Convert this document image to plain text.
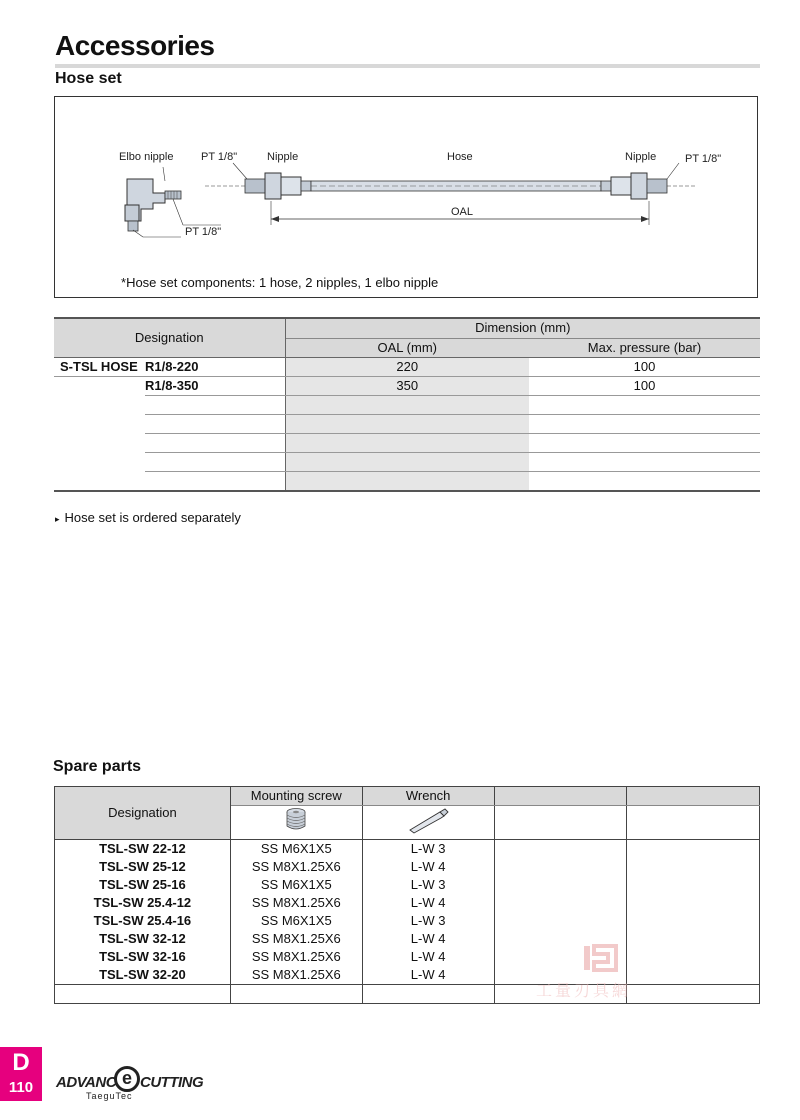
Accessories
Hose set
Elbo nipple	PT 1/8"	Nipple	Hose	Nipple	PT 1/8"
OAL
PT 1/8"
*Hose set components: 1 hose, 2 nipples, 1 elbo nipple
Designation		Dimension (mm)	
		OAL (mm)	Max. pressure (bar)
S-TSL HOSE	R1/8-220	220	100
	R1/8-350	350	100

▸ Hose set is ordered separately
Spare parts
Designation	Mounting screw	Wrench		

TSL-SW 22-12	SS M6X1X5	L-W 3		
TSL-SW 25-12	SS M8X1.25X6	L-W 4		
TSL-SW 25-16	SS M6X1X5	L-W 3		
TSL-SW 25.4-12	SS M8X1.25X6	L-W 4		
TSL-SW 25.4-16	SS M6X1X5	L-W 3		
TSL-SW 32-12	SS M8X1.25X6	L-W 4		
TSL-SW 32-16	SS M8X1.25X6	L-W 4		
TSL-SW 32-20	SS M8X1.25X6	L-W 4		

工量刃具網
D
110	ADVANC e CUTTING
TaeguTec
